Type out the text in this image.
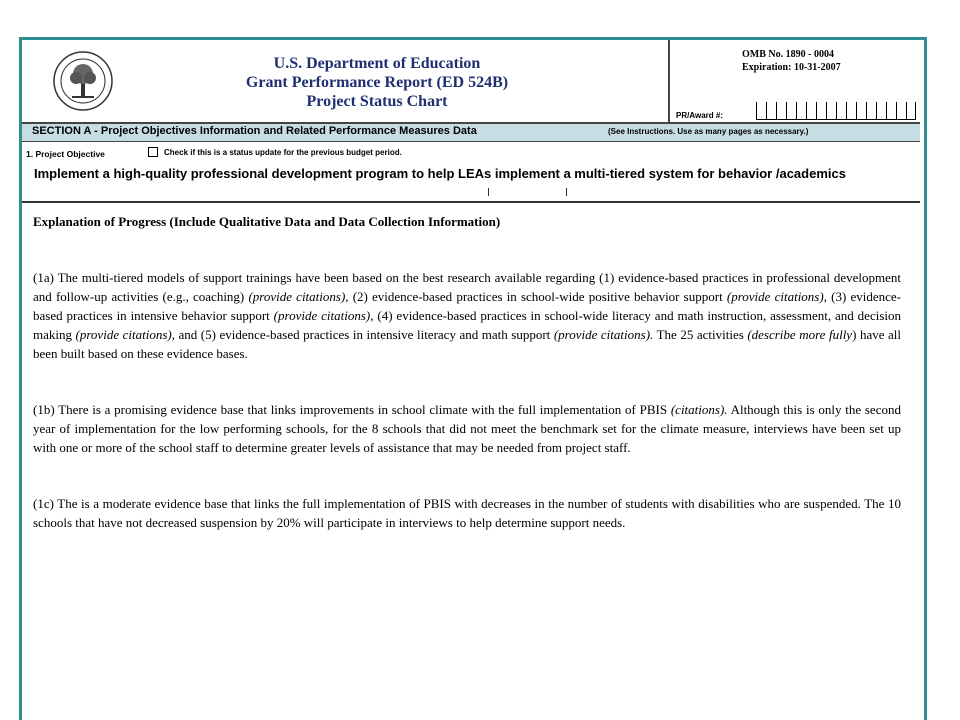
U.S. Department of Education
Grant Performance Report (ED 524B)
Project Status Chart
OMB No. 1890 - 0004
Expiration: 10-31-2007
PR/Award #:
SECTION A - Project Objectives Information and Related Performance Measures Data	(See Instructions. Use as many pages as necessary.)
1. Project Objective	Check if this is a status update for the previous budget period.
Implement a high-quality professional development program to help LEAs implement a multi-tiered system for behavior /academics

Explanation of Progress (Include Qualitative Data and Data Collection Information)

(1a) The multi-tiered models of support trainings have been based on the best research available regarding (1) evidence-based practices in professional development and follow-up activities (e.g., coaching) (provide citations), (2) evidence-based practices in school-wide positive behavior support (provide citations), (3) evidence-based practices in intensive behavior support (provide citations), (4) evidence-based practices in school-wide literacy and math instruction, assessment, and decision making (provide citations), and (5) evidence-based practices in intensive literacy and math support (provide citations). The 25 activities (describe more fully) have all been built based on these evidence bases.

(1b) There is a promising evidence base that links improvements in school climate with the full implementation of PBIS (citations). Although this is only the second year of implementation for the low performing schools, for the 8 schools that did not meet the benchmark set for the climate measure, interviews have been set up with one or more of the school staff to determine greater levels of assistance that may be needed from project staff.

(1c) The is a moderate evidence base that links the full implementation of PBIS with decreases in the number of students with disabilities who are suspended. The 10 schools that have not decreased suspension by 20% will participate in interviews to help determine support needs.
